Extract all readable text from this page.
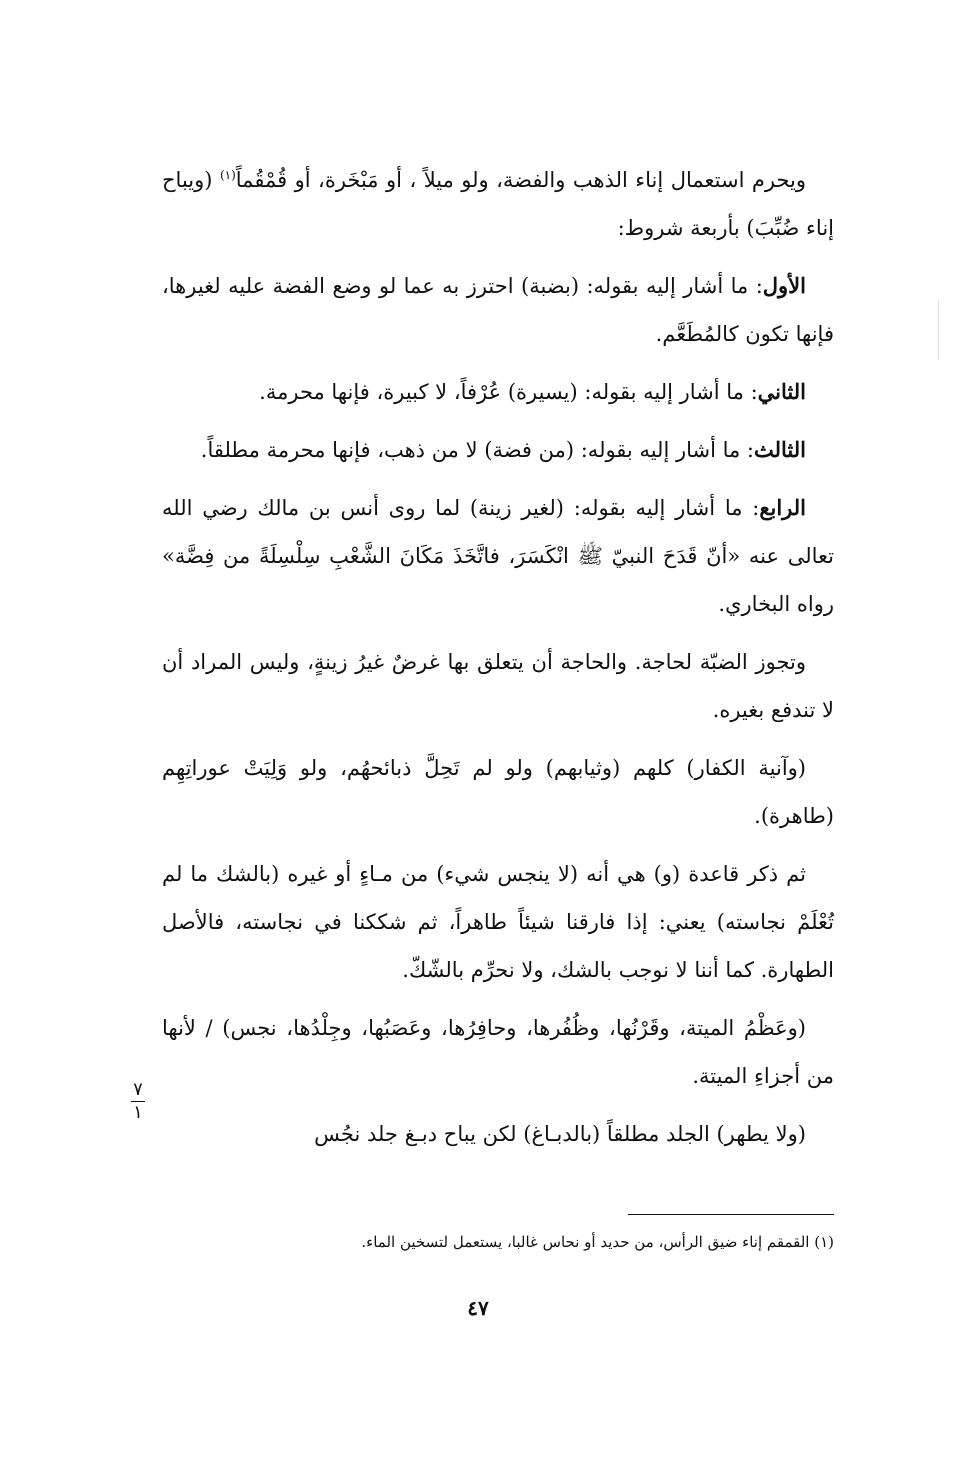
ويحرم استعمال إناء الذهب والفضة، ولو ميلاً ، أو مَبْخَرة، أو قُمْقُماً$^{(١)}$ (ويباح إناء ضُبِّبَ) بأربعة شروط:

الأول: ما أشار إليه بقوله: (بضبة) احترز به عما لو وضع الفضة عليه لغيرها، فإنها تكون كالمُطَعَّم.

الثاني: ما أشار إليه بقوله: (يسيرة) عُرْفاً، لا كبيرة، فإنها محرمة.

الثالث: ما أشار إليه بقوله: (من فضة) لا من ذهب، فإنها محرمة مطلقاً.

الرابع: ما أشار إليه بقوله: (لغير زينة) لما روى أنس بن مالك رضي الله تعالى عنه «أنّ قَدَحَ النبيّ ﷺ انْكَسَرَ، فاتَّخَذَ مَكَانَ الشَّعْبِ سِلْسِلَةً من فِضَّة» رواه البخاري.

وتجوز الضبّة لحاجة. والحاجة أن يتعلق بها غرضٌ غيرُ زينةٍ، وليس المراد أن لا تندفع بغيره.

(وآنية الكفار) كلهم (وثيابهم) ولو لم تَحِلَّ ذبائحهُم، ولو وَلِيَتْ عوراتِهِم (طاهرة).

ثم ذكر قاعدة (و) هي أنه (لا ينجس شيء) من مـاءٍ أو غيره (بالشك ما لم تُعْلَمْ نجاسته) يعني: إذا فارقنا شيئاً طاهراً، ثم شككنا في نجاسته، فالأصل الطهارة. كما أننا لا نوجب بالشك، ولا نحرِّم بالشّكّ.

(وعَظْمُ الميتة، وقَرْنُها، وظُفُرها، وحافِرُها، وعَصَبُها، وجِلْدُها، نجس) / لأنها من أجزاءِ الميتة.

(ولا يطهر) الجلد مطلقاً (بالدبـاغ) لكن يباح دبـغ جلد نجُس

٧
١
(١) القمقم إناء ضيق الرأس، من حديد أو نحاس غالبا، يستعمل لتسخين الماء.
٤٧
